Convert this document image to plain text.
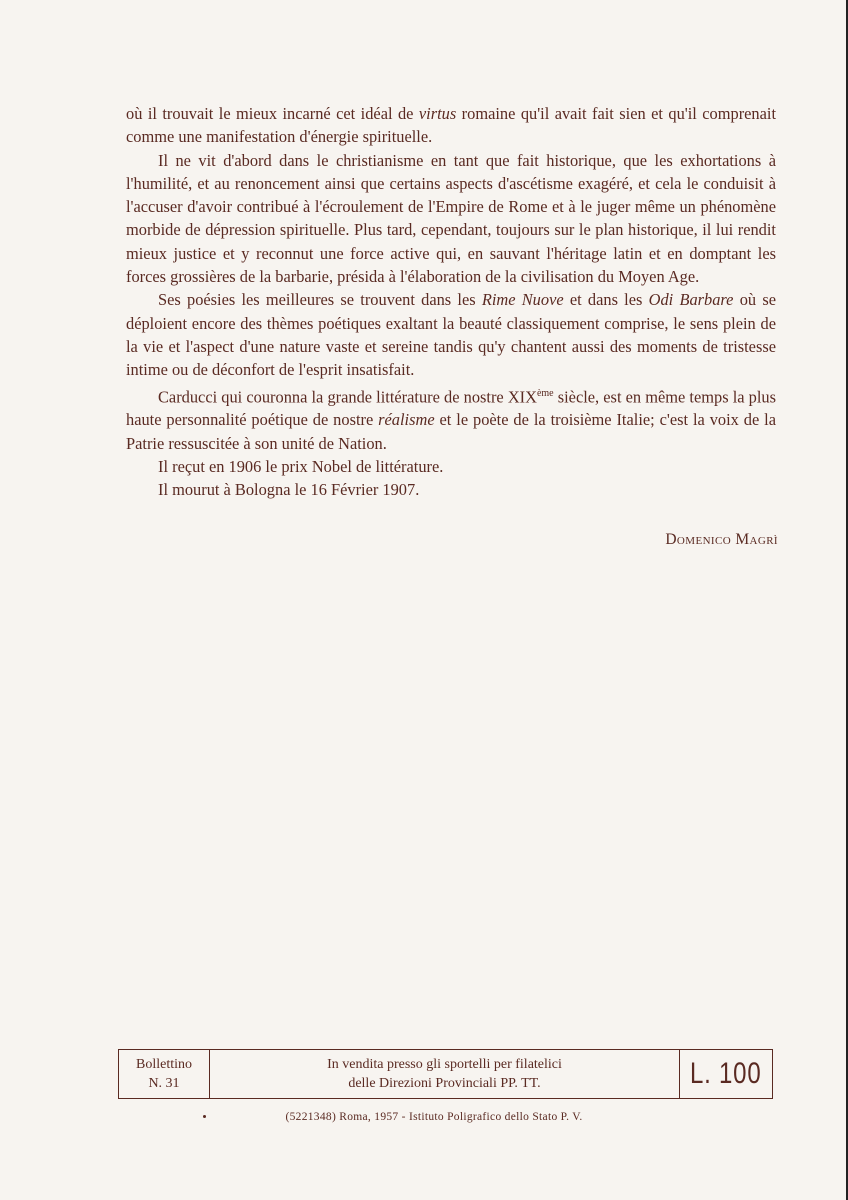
où il trouvait le mieux incarné cet idéal de virtus romaine qu'il avait fait sien et qu'il comprenait comme une manifestation d'énergie spirituelle.

Il ne vit d'abord dans le christianisme en tant que fait historique, que les exhortations à l'humilité, et au renoncement ainsi que certains aspects d'ascétisme exagéré, et cela le conduisit à l'accuser d'avoir contribué à l'écroulement de l'Empire de Rome et à le juger même un phénomène morbide de dépression spirituelle. Plus tard, cependant, toujours sur le plan historique, il lui rendit mieux justice et y reconnut une force active qui, en sauvant l'héritage latin et en domptant les forces grossières de la barbarie, présida à l'élaboration de la civilisation du Moyen Age.

Ses poésies les meilleures se trouvent dans les Rime Nuove et dans les Odi Barbare où se déploient encore des thèmes poétiques exaltant la beauté classiquement comprise, le sens plein de la vie et l'aspect d'une nature vaste et sereine tandis qu'y chantent aussi des moments de tristesse intime ou de déconfort de l'esprit insatisfait.

Carducci qui couronna la grande littérature de nostre XIXème siècle, est en même temps la plus haute personnalité poétique de nostre réalisme et le poète de la troisième Italie; c'est la voix de la Patrie ressuscitée à son unité de Nation.

Il reçut en 1906 le prix Nobel de littérature.

Il mourut à Bologna le 16 Février 1907.

Domenico Magrì
Bollettino
N. 31
In vendita presso gli sportelli per filatelici
delle Direzioni Provinciali PP. TT.	L. 100
(5221348) Roma, 1957 - Istituto Poligrafico dello Stato P. V.
